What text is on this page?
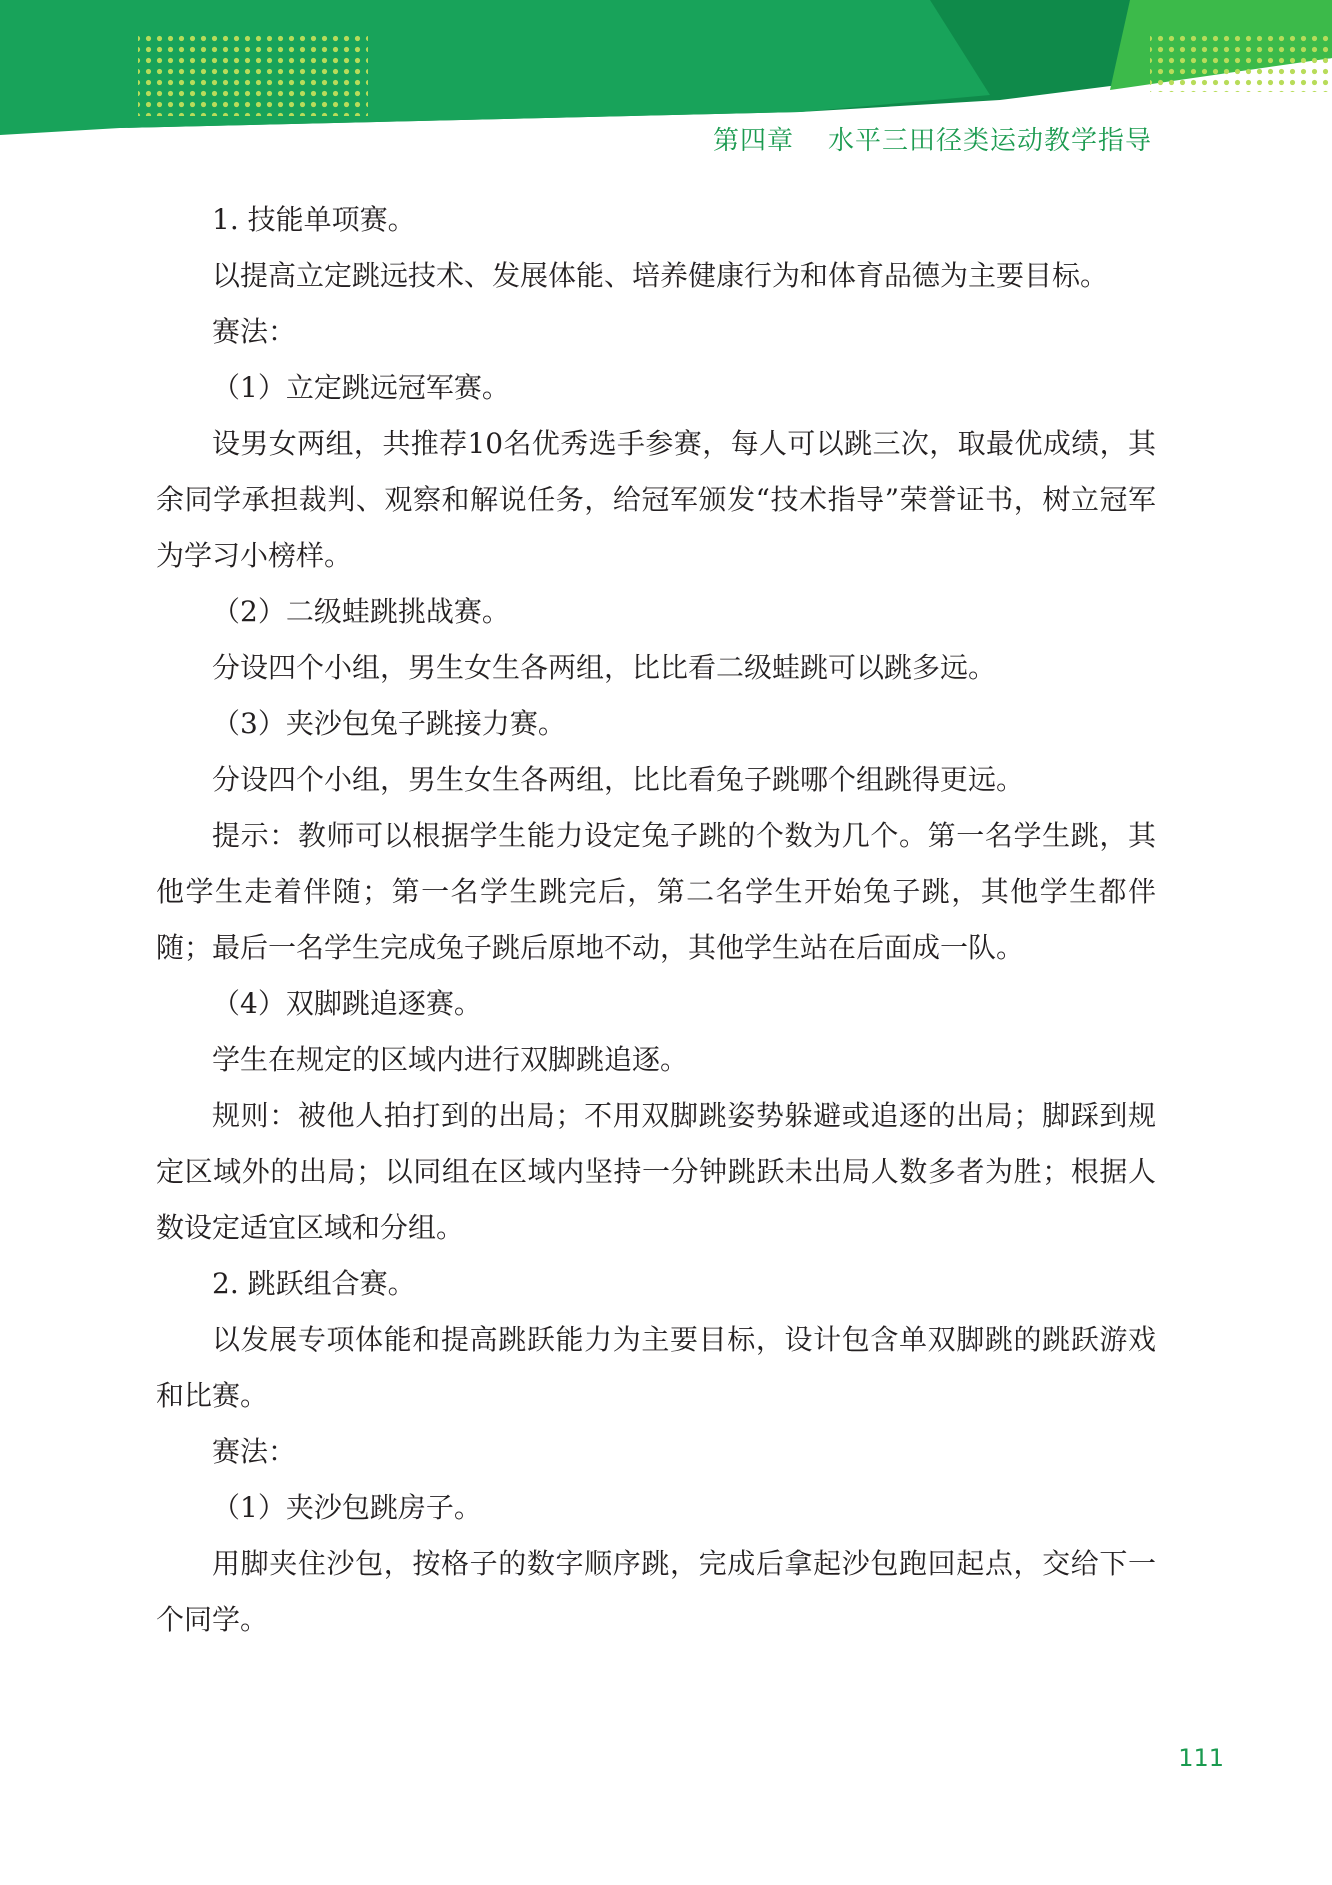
第四章 水平三田径类运动教学指导

1. 技能单项赛。

以提高立定跳远技术、发展体能、培养健康行为和体育品德为主要目标。

赛法：

（1）立定跳远冠军赛。

设男女两组，共推荐10名优秀选手参赛，每人可以跳三次，取最优成绩，其余同学承担裁判、观察和解说任务，给冠军颁发“技术指导”荣誉证书，树立冠军为学习小榜样。

（2）二级蛙跳挑战赛。

分设四个小组，男生女生各两组，比比看二级蛙跳可以跳多远。

（3）夹沙包兔子跳接力赛。

分设四个小组，男生女生各两组，比比看兔子跳哪个组跳得更远。

提示：教师可以根据学生能力设定兔子跳的个数为几个。第一名学生跳，其他学生走着伴随；第一名学生跳完后，第二名学生开始兔子跳，其他学生都伴随；最后一名学生完成兔子跳后原地不动，其他学生站在后面成一队。

（4）双脚跳追逐赛。

学生在规定的区域内进行双脚跳追逐。

规则：被他人拍打到的出局；不用双脚跳姿势躲避或追逐的出局；脚踩到规定区域外的出局；以同组在区域内坚持一分钟跳跃未出局人数多者为胜；根据人数设定适宜区域和分组。

2. 跳跃组合赛。

以发展专项体能和提高跳跃能力为主要目标，设计包含单双脚跳的跳跃游戏和比赛。

赛法：

（1）夹沙包跳房子。

用脚夹住沙包，按格子的数字顺序跳，完成后拿起沙包跑回起点，交给下一个同学。

111
